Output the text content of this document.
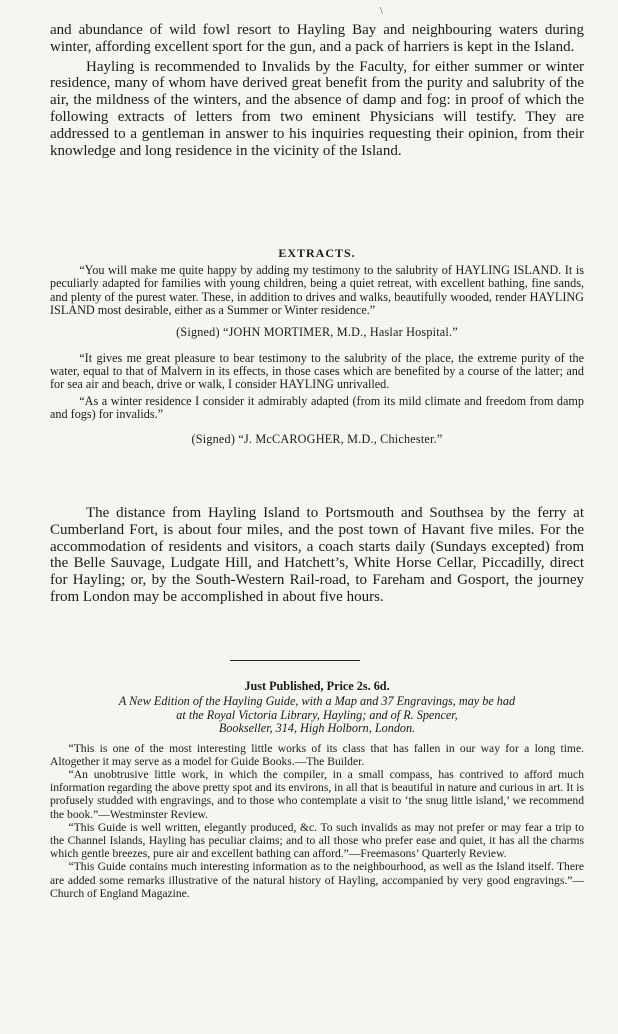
\

and abundance of wild fowl resort to Hayling Bay and neighbouring waters during winter, affording excellent sport for the gun, and a pack of harriers is kept in the Island.

Hayling is recommended to Invalids by the Faculty, for either summer or winter residence, many of whom have derived great benefit from the purity and salubrity of the air, the mildness of the winters, and the absence of damp and fog: in proof of which the following extracts of letters from two eminent Physicians will testify. They are addressed to a gentleman in answer to his inquiries requesting their opinion, from their knowledge and long residence in the vicinity of the Island.

EXTRACTS.

“You will make me quite happy by adding my testimony to the salubrity of HAYLING ISLAND. It is peculiarly adapted for families with young children, being a quiet retreat, with excellent bathing, fine sands, and plenty of the purest water. These, in addition to drives and walks, beautifully wooded, render HAYLING ISLAND most desirable, either as a Summer or Winter residence.”

(Signed) “JOHN MORTIMER, M.D., Haslar Hospital.”

“It gives me great pleasure to bear testimony to the salubrity of the place, the extreme purity of the water, equal to that of Malvern in its effects, in those cases which are benefited by a course of the latter; and for sea air and beach, drive or walk, I consider HAYLING unrivalled.

“As a winter residence I consider it admirably adapted (from its mild climate and freedom from damp and fogs) for invalids.”

(Signed) “J. McCAROGHER, M.D., Chichester.”

The distance from Hayling Island to Portsmouth and Southsea by the ferry at Cumberland Fort, is about four miles, and the post town of Havant five miles. For the accommodation of residents and visitors, a coach starts daily (Sundays excepted) from the Belle Sauvage, Ludgate Hill, and Hatchett’s, White Horse Cellar, Piccadilly, direct for Hayling; or, by the South-Western Rail-road, to Fareham and Gosport, the journey from London may be accomplished in about five hours.

Just Published, Price 2s. 6d.

A New Edition of the Hayling Guide, with a Map and 37 Engravings, may be had
at the Royal Victoria Library, Hayling; and of R. Spencer,
Bookseller, 314, High Holborn, London.

“This is one of the most interesting little works of its class that has fallen in our way for a long time. Altogether it may serve as a model for Guide Books.—The Builder.

“An unobtrusive little work, in which the compiler, in a small compass, has contrived to afford much information regarding the above pretty spot and its environs, in all that is beautiful in nature and curious in art. It is profusely studded with engravings, and to those who contemplate a visit to ‘the snug little island,’ we recommend the book.”—Westminster Review.

“This Guide is well written, elegantly produced, &c. To such invalids as may not prefer or may fear a trip to the Channel Islands, Hayling has peculiar claims; and to all those who prefer ease and quiet, it has all the charms which gentle breezes, pure air and excellent bathing can afford.”—Freemasons’ Quarterly Review.

“This Guide contains much interesting information as to the neighbourhood, as well as the Island itself. There are added some remarks illustrative of the natural history of Hayling, accompanied by very good engravings.”—Church of England Magazine.
